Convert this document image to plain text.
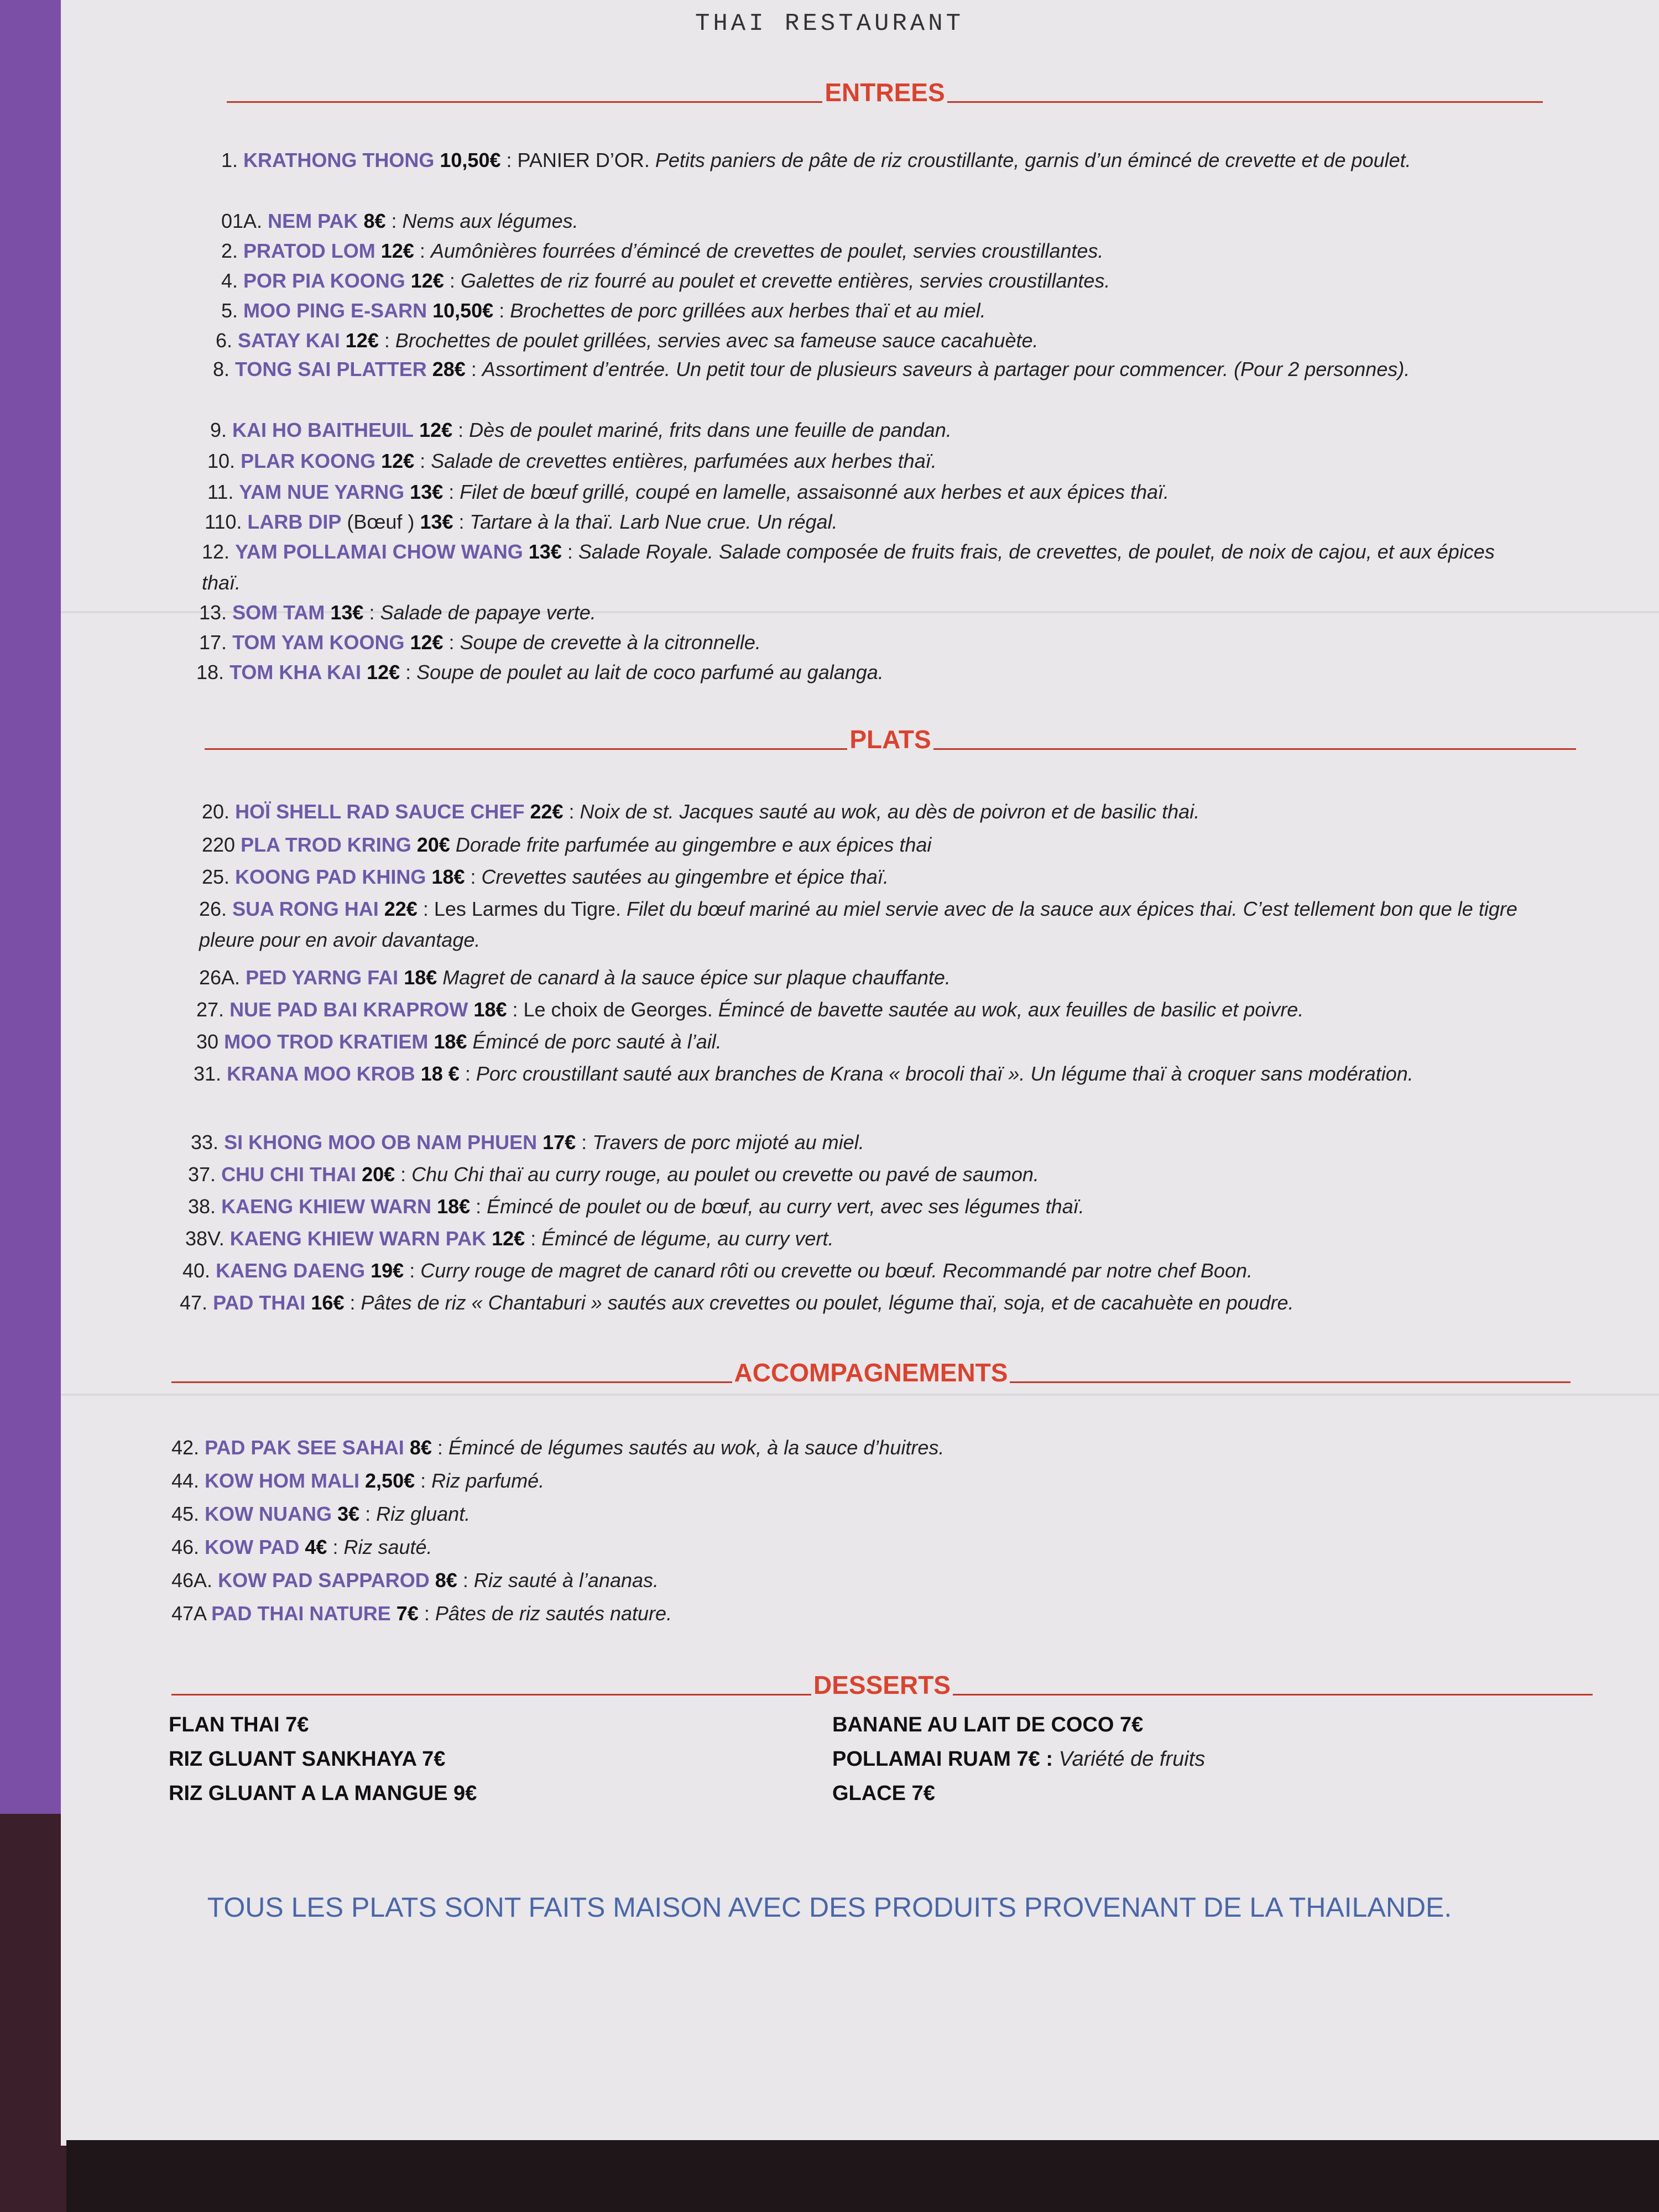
THAI RESTAURANT
ENTREES
1. KRATHONG THONG 10,50€ : PANIER D’OR. Petits paniers de pâte de riz croustillante, garnis d’un émincé de crevette et de poulet.
01A. NEM PAK 8€ : Nems aux légumes.
2. PRATOD LOM 12€ : Aumônières fourrées d’émincé de crevettes de poulet, servies croustillantes.
4. POR PIA KOONG 12€ : Galettes de riz fourré au poulet et crevette entières, servies croustillantes.
5. MOO PING E-SARN 10,50€ : Brochettes de porc grillées aux herbes thaï et au miel.
6. SATAY KAI 12€ : Brochettes de poulet grillées, servies avec sa fameuse sauce cacahuète.
8. TONG SAI PLATTER 28€ : Assortiment d’entrée. Un petit tour de plusieurs saveurs à partager pour commencer. (Pour 2 personnes).
9. KAI HO BAITHEUIL 12€ : Dès de poulet mariné, frits dans une feuille de pandan.
10. PLAR KOONG 12€ : Salade de crevettes entières, parfumées aux herbes thaï.
11. YAM NUE YARNG 13€ : Filet de bœuf grillé, coupé en lamelle, assaisonné aux herbes et aux épices thaï.
110. LARB DIP (Bœuf ) 13€ : Tartare à la thaï. Larb Nue crue. Un régal.
12. YAM POLLAMAI CHOW WANG 13€ : Salade Royale. Salade composée de fruits frais, de crevettes, de poulet, de noix de cajou, et aux épices thaï.
13. SOM TAM 13€ : Salade de papaye verte.
17. TOM YAM KOONG 12€ : Soupe de crevette à la citronnelle.
18. TOM KHA KAI 12€ : Soupe de poulet au lait de coco parfumé au galanga.
PLATS
20. HOÏ SHELL RAD SAUCE CHEF 22€ : Noix de st. Jacques sauté au wok, au dès de poivron et de basilic thai.
220 PLA TROD KRING 20€ Dorade frite parfumée au gingembre e aux épices thai
25. KOONG PAD KHING 18€ : Crevettes sautées au gingembre et épice thaï.
26. SUA RONG HAI 22€ : Les Larmes du Tigre. Filet du bœuf mariné au miel servie avec de la sauce aux épices thai. C’est tellement bon que le tigre pleure pour en avoir davantage.
26A. PED YARNG FAI 18€ Magret de canard à la sauce épice sur plaque chauffante.
27. NUE PAD BAI KRAPROW 18€ : Le choix de Georges. Émincé de bavette sautée au wok, aux feuilles de basilic et poivre.
30 MOO TROD KRATIEM 18€ Émincé de porc sauté à l’ail.
31. KRANA MOO KROB 18 € : Porc croustillant sauté aux branches de Krana « brocoli thaï ». Un légume thaï à croquer sans modération.
33. SI KHONG MOO OB NAM PHUEN 17€ : Travers de porc mijoté au miel.
37. CHU CHI THAI 20€ : Chu Chi thaï au curry rouge, au poulet ou crevette ou pavé de saumon.
38. KAENG KHIEW WARN 18€ : Émincé de poulet ou de bœuf, au curry vert, avec ses légumes thaï.
38V. KAENG KHIEW WARN PAK 12€ : Émincé de légume, au curry vert.
40. KAENG DAENG 19€ : Curry rouge de magret de canard rôti ou crevette ou bœuf. Recommandé par notre chef Boon.
47. PAD THAI 16€ : Pâtes de riz « Chantaburi » sautés aux crevettes ou poulet, légume thaï, soja, et de cacahuète en poudre.
ACCOMPAGNEMENTS
42. PAD PAK SEE SAHAI 8€ : Émincé de légumes sautés au wok, à la sauce d’huitres.
44. KOW HOM MALI 2,50€ : Riz parfumé.
45. KOW NUANG 3€ : Riz gluant.
46. KOW PAD 4€ : Riz sauté.
46A. KOW PAD SAPPAROD 8€ : Riz sauté à l’ananas.
47A PAD THAI NATURE 7€ : Pâtes de riz sautés nature.
DESSERTS
FLAN THAI 7€
RIZ GLUANT SANKHAYA 7€
RIZ GLUANT A LA MANGUE 9€
BANANE AU LAIT DE COCO 7€
POLLAMAI RUAM 7€ : Variété de fruits
GLACE 7€
TOUS LES PLATS SONT FAITS MAISON AVEC DES PRODUITS PROVENANT DE LA THAILANDE.
